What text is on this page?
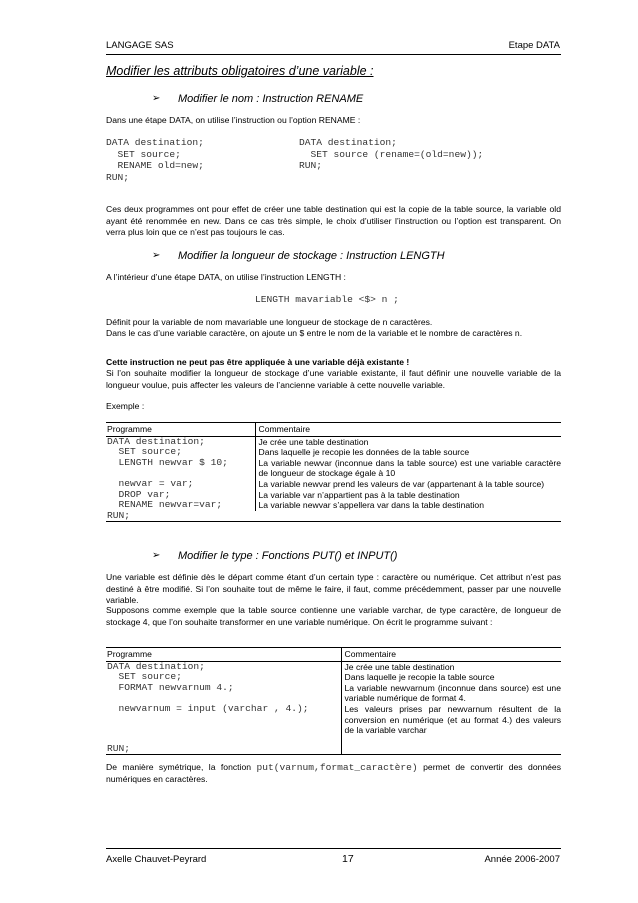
LANGAGE SAS	Etape DATA
Modifier les attributs obligatoires d’une variable :
➢ Modifier le nom : Instruction RENAME
Dans une étape DATA, on utilise l’instruction ou l’option RENAME :
DATA destination;
SET source;
RENAME old=new;
RUN;
DATA destination;
SET source (rename=(old=new));
RUN;
Ces deux programmes ont pour effet de créer une table destination qui est la copie de la table source, la variable old ayant été renommée en new. Dans ce cas très simple, le choix d’utiliser l’instruction ou l’option est transparent. On verra plus loin que ce n’est pas toujours le cas.
➢ Modifier la longueur de stockage : Instruction LENGTH
A l’intérieur d’une étape DATA, on utilise l’instruction LENGTH :
LENGTH mavariable <$> n ;
Définit pour la variable de nom mavariable une longueur de stockage de n caractères.
Dans le cas d’une variable caractère, on ajoute un $ entre le nom de la variable et le nombre de caractères n.
Cette instruction ne peut pas être appliquée à une variable déjà existante !
Si l’on souhaite modifier la longueur de stockage d’une variable existante, il faut définir une nouvelle variable de la longueur voulue, puis affecter les valeurs de l’ancienne variable à cette nouvelle variable.
Exemple :
Programme	Commentaire
DATA destination;	Je crée une table destination
SET source;	Dans laquelle je recopie les données de la table source
LENGTH newvar $ 10;	La variable newvar (inconnue dans la table source) est une variable caractère de longueur de stockage égale à 10
newvar = var;	La variable newvar prend les valeurs de var (appartenant à la table source)
DROP var;	La variable var n’appartient pas à la table destination
RENAME newvar=var;	La variable newvar s’appellera var dans la table destination
RUN;	
➢ Modifier le type : Fonctions PUT() et INPUT()
Une variable est définie dès le départ comme étant d’un certain type : caractère ou numérique. Cet attribut n’est pas destiné à être modifié. Si l’on souhaite tout de même le faire, il faut, comme précédemment, passer par une nouvelle variable.
Supposons comme exemple que la table source contienne une variable varchar, de type caractère, de longueur de stockage 4, que l’on souhaite transformer en une variable numérique. On écrit le programme suivant :
Programme	Commentaire
DATA destination;	Je crée une table destination
SET source;	Dans laquelle je recopie la table source
FORMAT newvarnum 4.;	La variable newvarnum (inconnue dans source) est une variable numérique de format 4.
newvarnum = input (varchar , 4.);	Les valeurs prises par newvarnum résultent de la conversion en numérique (et au format 4.) des valeurs de la variable varchar
RUN;	
De manière symétrique, la fonction put(varnum,format_caractère) permet de convertir des données numériques en caractères.
Axelle Chauvet-Peyrard	17	Année 2006-2007
